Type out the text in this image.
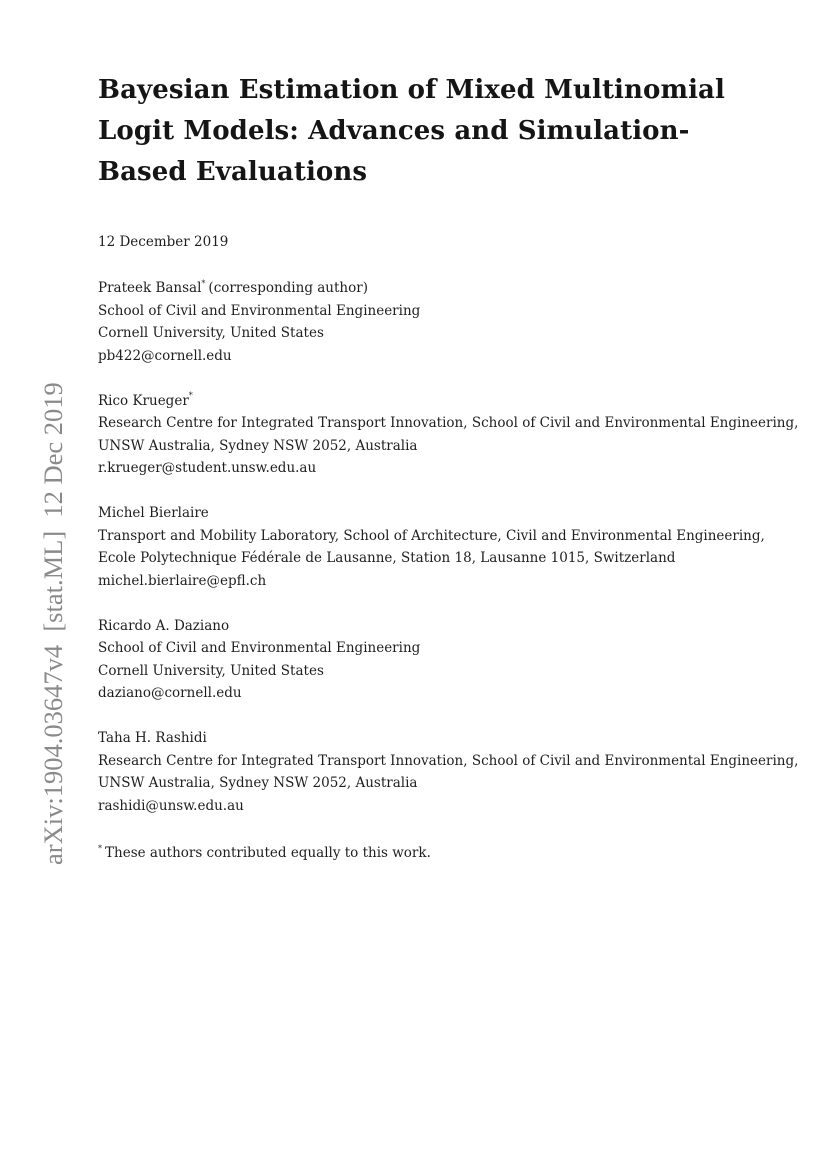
arXiv:1904.03647v4  [stat.ML]  12 Dec 2019
Bayesian Estimation of Mixed Multinomial Logit Models: Advances and Simulation-Based Evaluations
12 December 2019
Prateek Bansal* (corresponding author)
School of Civil and Environmental Engineering
Cornell University, United States
pb422@cornell.edu
Rico Krueger*
Research Centre for Integrated Transport Innovation, School of Civil and Environmental Engineering,
UNSW Australia, Sydney NSW 2052, Australia
r.krueger@student.unsw.edu.au
Michel Bierlaire
Transport and Mobility Laboratory, School of Architecture, Civil and Environmental Engineering,
Ecole Polytechnique Fédérale de Lausanne, Station 18, Lausanne 1015, Switzerland
michel.bierlaire@epfl.ch
Ricardo A. Daziano
School of Civil and Environmental Engineering
Cornell University, United States
daziano@cornell.edu
Taha H. Rashidi
Research Centre for Integrated Transport Innovation, School of Civil and Environmental Engineering,
UNSW Australia, Sydney NSW 2052, Australia
rashidi@unsw.edu.au
* These authors contributed equally to this work.
